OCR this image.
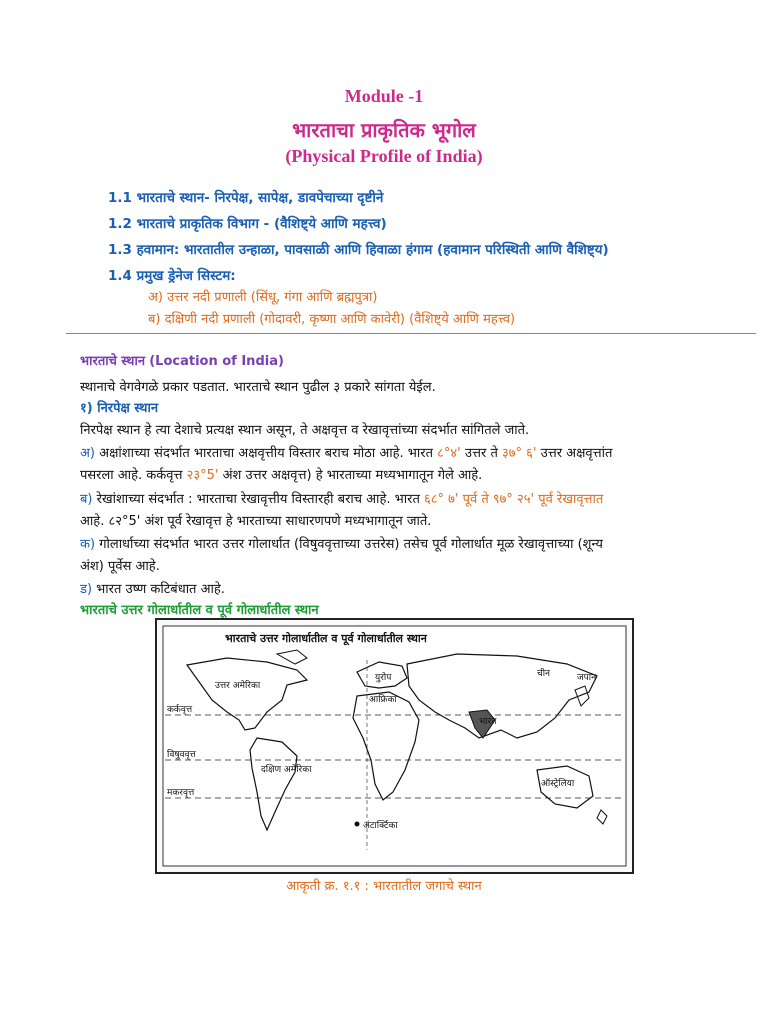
Module -1
भारताचा प्राकृतिक भूगोल
(Physical Profile of India)
1.1 भारताचे स्थान- निरपेक्ष, सापेक्ष, डावपेचाच्या दृष्टीने
1.2 भारताचे प्राकृतिक विभाग - (वैशिष्ट्ये आणि महत्त्व)
1.3 हवामान: भारतातील उन्हाळा, पावसाळी आणि हिवाळा हंगाम (हवामान परिस्थिती आणि वैशिष्ट्य)
1.4 प्रमुख ड्रेनेज सिस्टम:
अ) उत्तर नदी प्रणाली (सिंधू, गंगा आणि ब्रह्मपुत्रा)
ब) दक्षिणी नदी प्रणाली (गोदावरी, कृष्णा आणि कावेरी) (वैशिष्ट्ये आणि महत्त्व)
भारताचे स्थान (Location of India)
स्थानाचे वेगवेगळे प्रकार पडतात. भारताचे स्थान पुढील ३ प्रकारे सांगता येईल.
१) निरपेक्ष स्थान
निरपेक्ष स्थान हे त्या देशाचे प्रत्यक्ष स्थान असून, ते अक्षवृत्त व रेखावृत्तांच्या संदर्भात सांगितले जाते.
अ) अक्षांशाच्या संदर्भात भारताचा अक्षवृत्तीय विस्तार बराच मोठा आहे. भारत ८°४' उत्तर ते ३७° ६' उत्तर अक्षवृत्तांत
पसरला आहे. कर्कवृत्त २३°5' अंश उत्तर अक्षवृत्त) हे भारताच्या मध्यभागातून गेले आहे.
ब) रेखांशाच्या संदर्भात : भारताचा रेखावृत्तीय विस्तारही बराच आहे. भारत ६८° ७' पूर्व ते ९७° २५' पूर्व रेखावृत्तात
आहे. ८२°5' अंश पूर्व रेखावृत्त हे भारताच्या साधारणपणे मध्यभागातून जाते.
क) गोलार्धाच्या संदर्भात भारत उत्तर गोलार्धात (विषुववृत्ताच्या उत्तरेस) तसेच पूर्व गोलार्धात मूळ रेखावृत्ताच्या (शून्य
अंश) पूर्वेस आहे.
ड) भारत उष्ण कटिबंधात आहे.
भारताचे उत्तर गोलार्धातील व पूर्व गोलार्धातील स्थान
भारताचे उत्तर गोलार्धातील व पूर्व गोलार्धातील स्थान
उत्तर अमेरिका
युरोप	चीन	जपान
आफ्रिका
भारत
दक्षिण अमेरिका
ऑस्ट्रेलिया
अंटार्क्टिका
कर्कवृत्त
विषुववृत्त
मकरवृत्त
आकृती क्र. १.१ : भारतातील जगाचे स्थान
